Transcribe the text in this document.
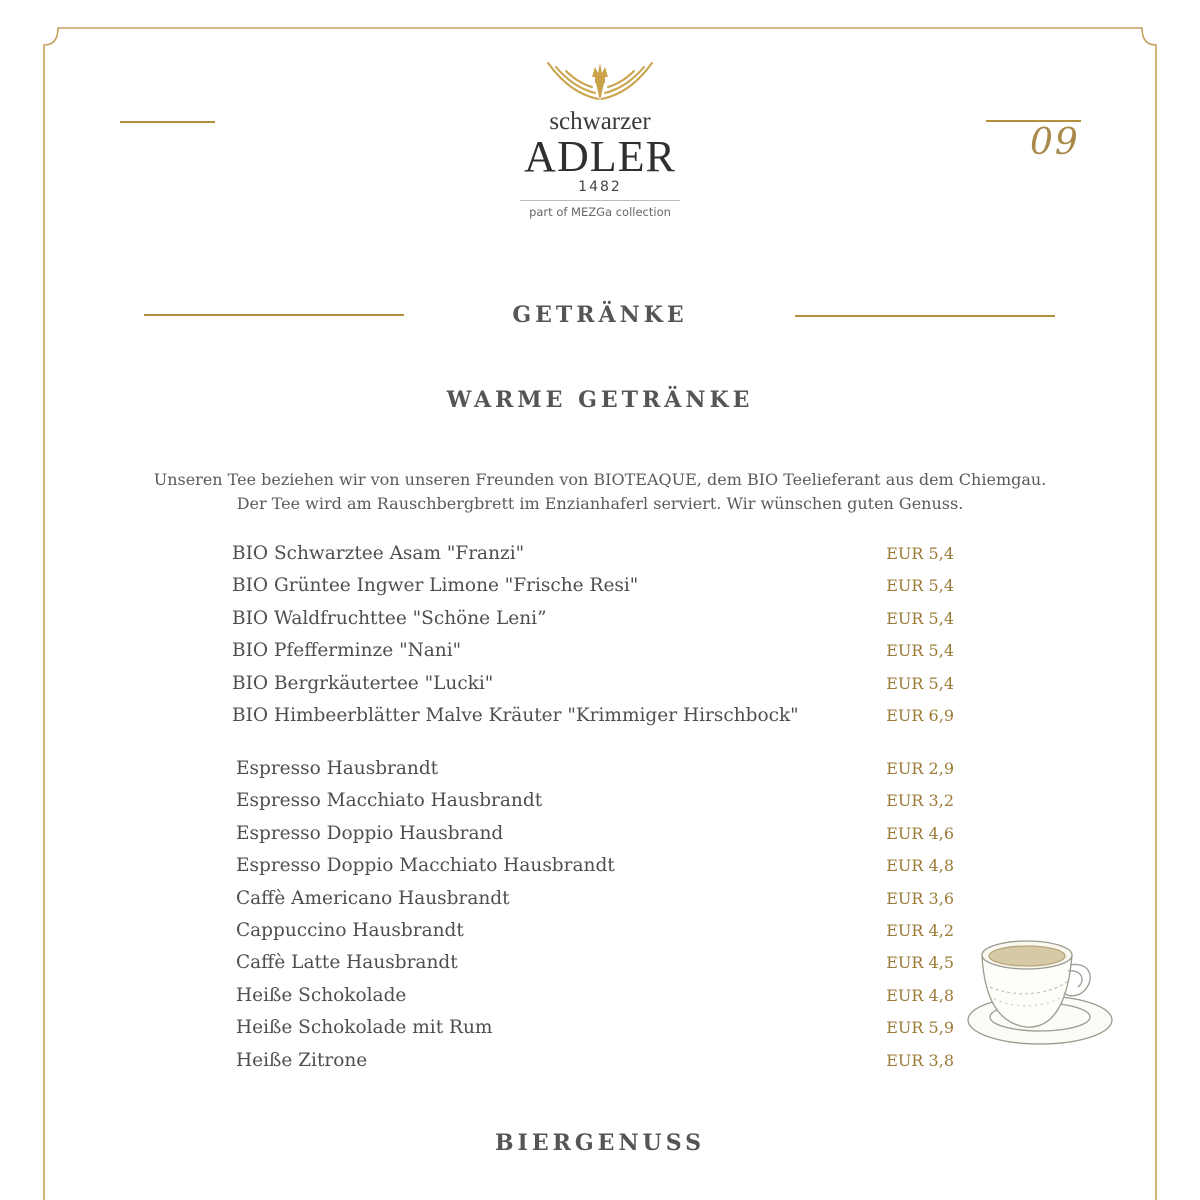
schwarzer
ADLER
1482
part of MEZGa collection
09
GETRÄNKE
WARME GETRÄNKE
Unseren Tee beziehen wir von unseren Freunden von BIOTEAQUE, dem BIO Teelieferant aus dem Chiemgau.
Der Tee wird am Rauschbergbrett im Enzianhaferl serviert. Wir wünschen guten Genuss.
BIO Schwarztee Asam "Franzi"	EUR 5,4
BIO Grüntee Ingwer Limone "Frische Resi"	EUR 5,4
BIO Waldfruchttee "Schöne Leni”	EUR 5,4
BIO Pfefferminze "Nani"	EUR 5,4
BIO Bergrkäutertee "Lucki"	EUR 5,4
BIO Himbeerblätter Malve Kräuter "Krimmiger Hirschbock"	EUR 6,9
Espresso Hausbrandt	EUR 2,9
Espresso Macchiato Hausbrandt	EUR 3,2
Espresso Doppio Hausbrand	EUR 4,6
Espresso Doppio Macchiato Hausbrandt	EUR 4,8
Caffè Americano Hausbrandt	EUR 3,6
Cappuccino Hausbrandt	EUR 4,2
Caffè Latte Hausbrandt	EUR 4,5
Heiße Schokolade	EUR 4,8
Heiße Schokolade mit Rum	EUR 5,9
Heiße Zitrone	EUR 3,8
BIERGENUSS
